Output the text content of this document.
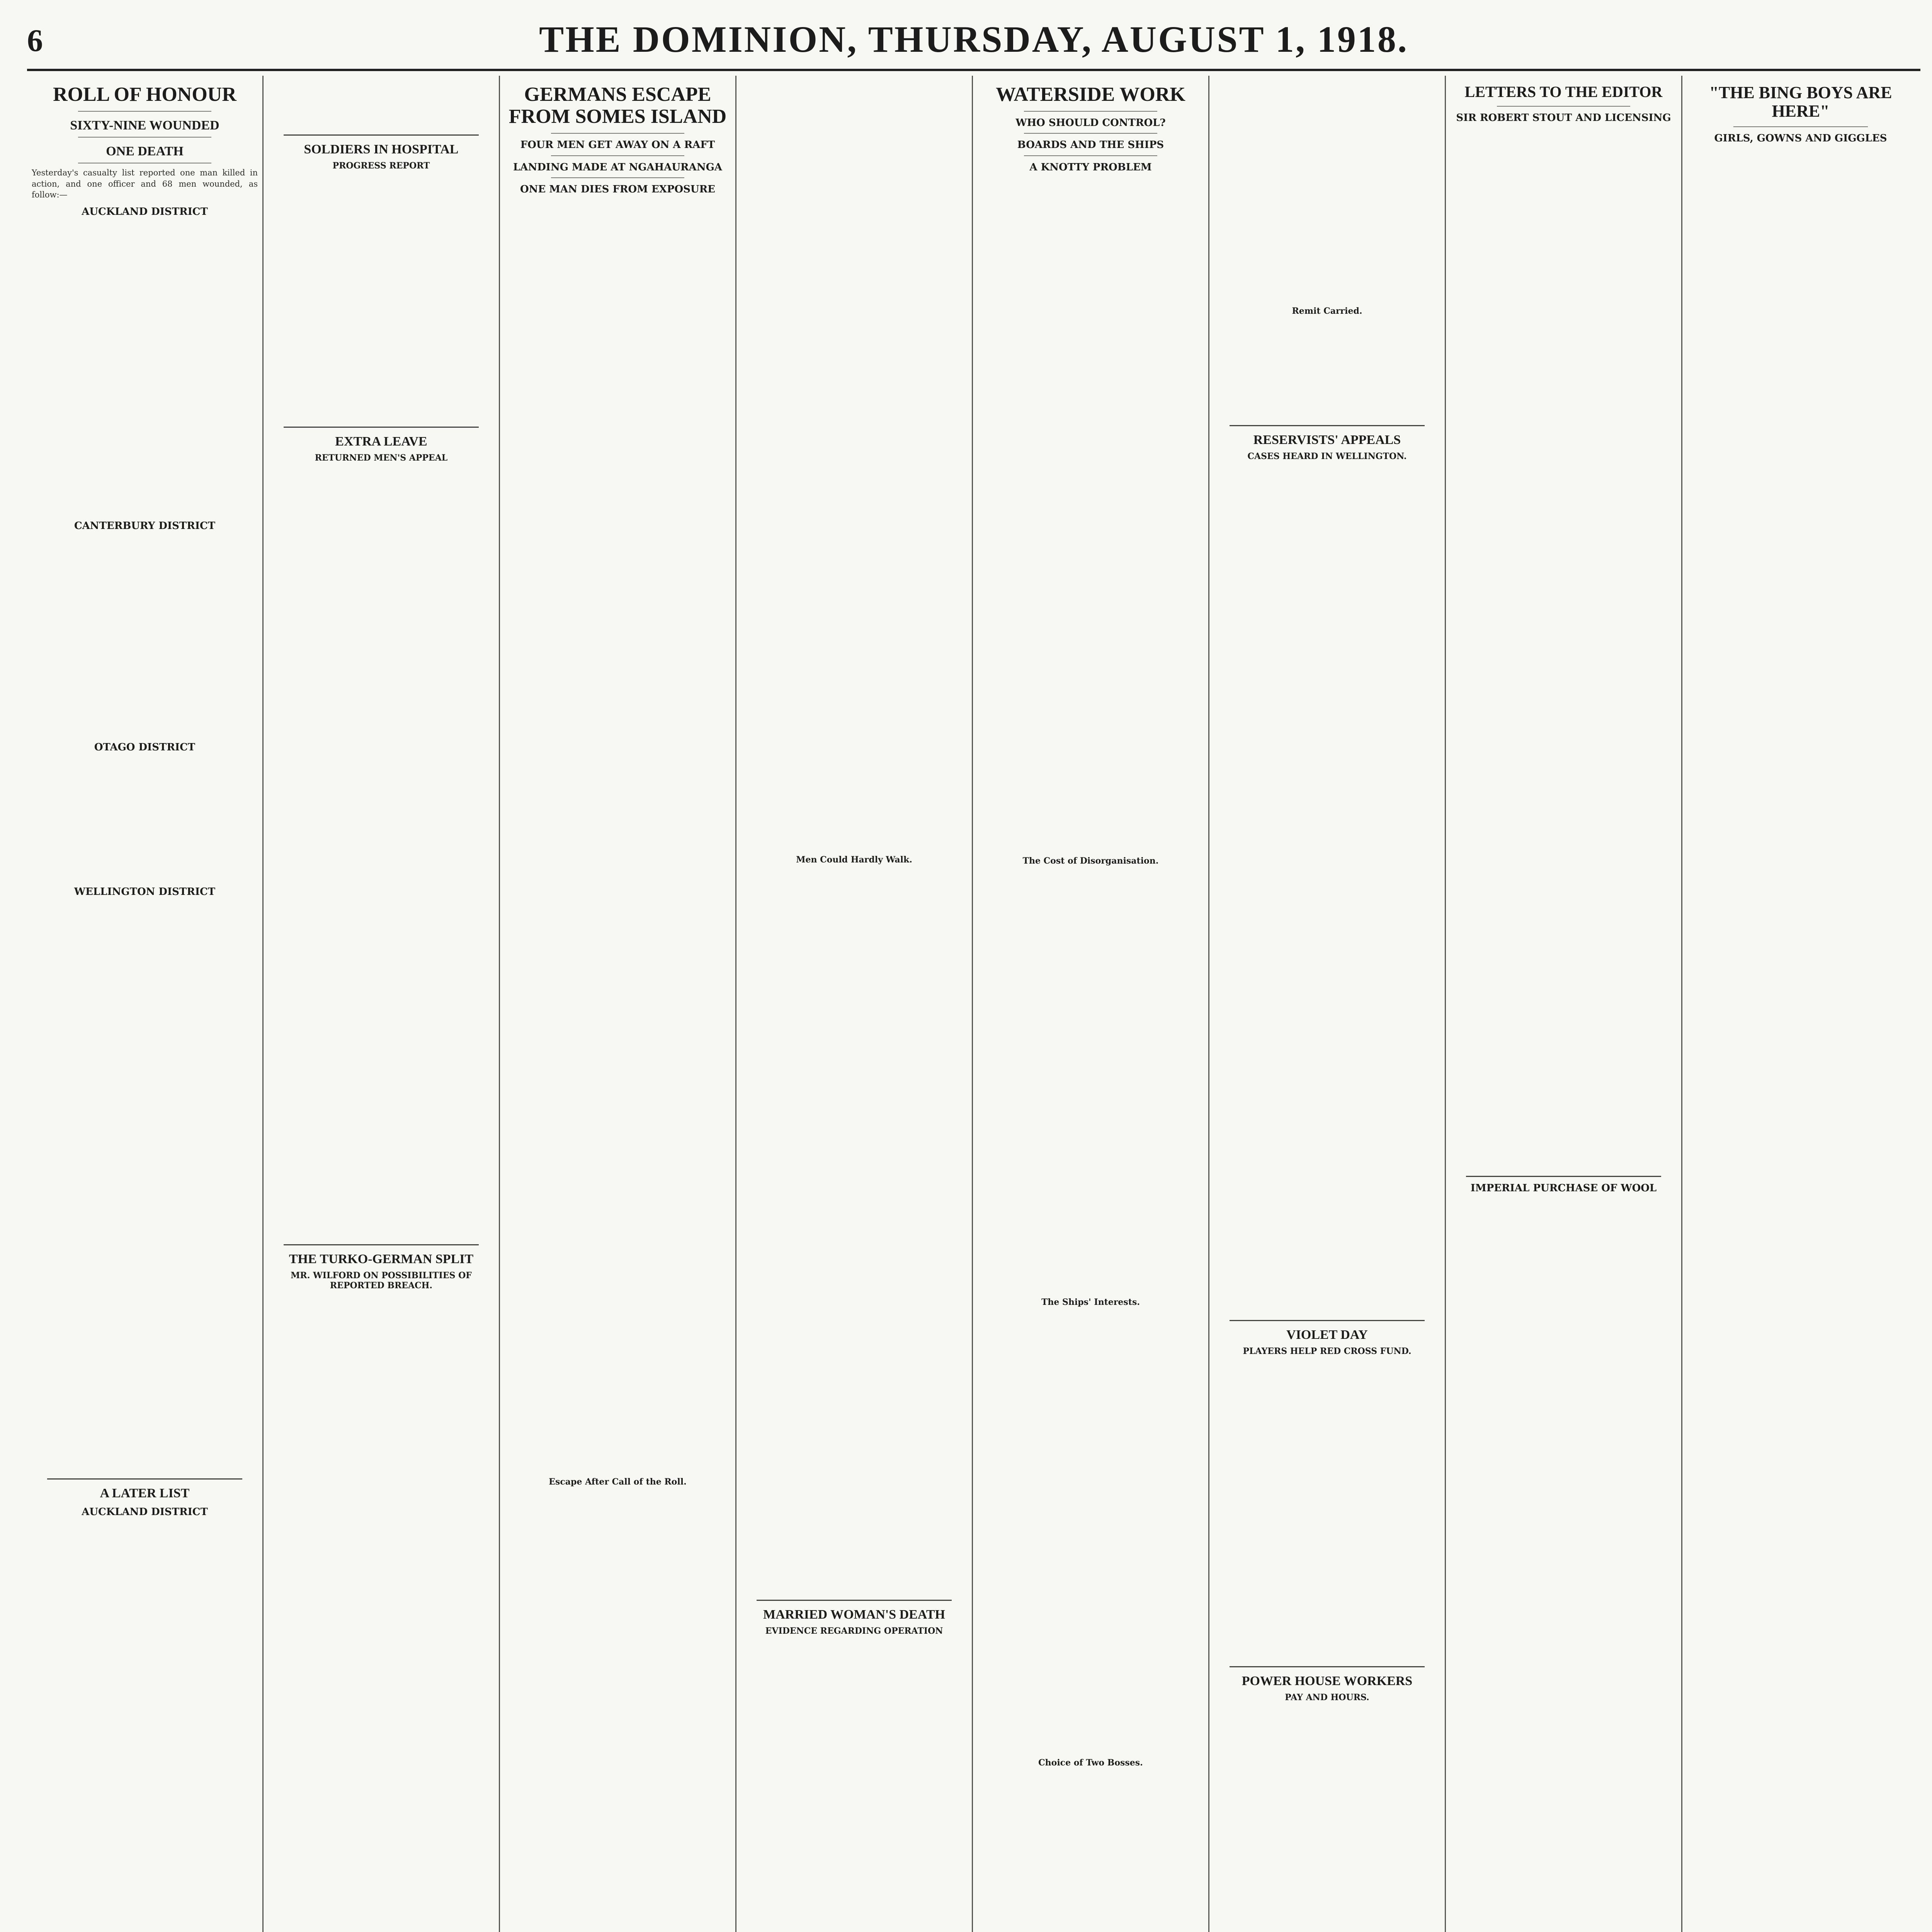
6	THE DOMINION, THURSDAY, AUGUST 1, 1918.
ROLL OF HONOUR
SIXTY-NINE WOUNDED
ONE DEATH

Yesterday's casualty list reported one man killed in action, and one officer and 68 men wounded, as follow:—

AUCKLAND DISTRICT
CANTERBURY DISTRICT
OTAGO DISTRICT
WELLINGTON DISTRICT
A LATER LIST
AUCKLAND DISTRICT
SOLDIERS IN HOSPITAL
PROGRESS REPORT
EXTRA LEAVE
RETURNED MEN'S APPEAL
THE TURKO-GERMAN SPLIT
MR. WILFORD ON POSSIBILITIES OF REPORTED BREACH.
GERMANS ESCAPE FROM SOMES ISLAND
FOUR MEN GET AWAY ON A RAFT
LANDING MADE AT NGAHAURANGA
ONE MAN DIES FROM EXPOSURE
Escape After Call of the Roll.
Men Could Hardly Walk.
MARRIED WOMAN'S DEATH
EVIDENCE REGARDING OPERATION
WATERSIDE WORK
WHO SHOULD CONTROL?
BOARDS AND THE SHIPS
A KNOTTY PROBLEM
The Cost of Disorganisation.
The Ships' Interests.
Choice of Two Bosses.
Remit Carried.
RESERVISTS' APPEALS
CASES HEARD IN WELLINGTON.
VIOLET DAY
PLAYERS HELP RED CROSS FUND.
POWER HOUSE WORKERS
PAY AND HOURS.
LETTERS TO THE EDITOR
SIR ROBERT STOUT AND LICENSING
IMPERIAL PURCHASE OF WOOL
"THE BING BOYS ARE HERE"
GIRLS, GOWNS AND GIGGLES
